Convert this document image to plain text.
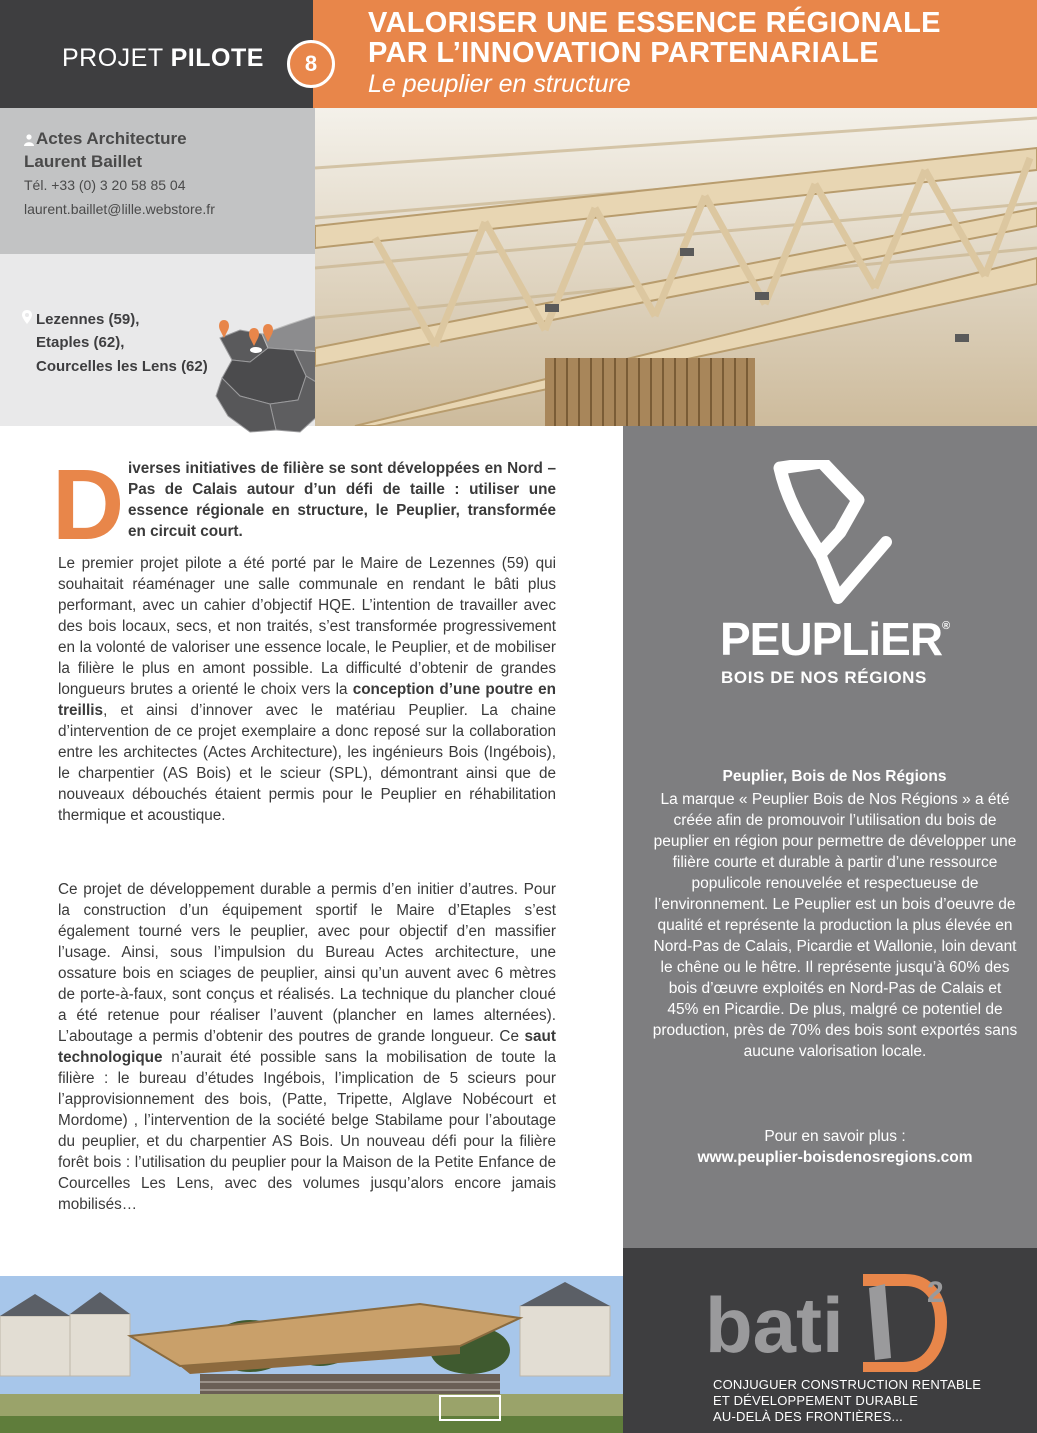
PROJET PILOTE	8
VALORISER UNE ESSENCE RÉGIONALE
PAR L’INNOVATION PARTENARIALE
Le peuplier en structure
Actes Architecture
Laurent Baillet
Tél. +33 (0) 3 20 58 85 04
laurent.baillet@lille.webstore.fr
Lezennes (59),
Etaples (62),
Courcelles les Lens (62)
D iverses initiatives de filière se sont développées en Nord –Pas de Calais autour d’un défi de taille : utiliser une essence régionale en structure, le Peuplier, transformée en circuit court.

Le premier projet pilote a été porté par le Maire de Lezennes (59) qui souhaitait réaménager une salle communale en rendant le bâti plus performant, avec un cahier d’objectif HQE. L’intention de travailler avec des bois locaux, secs, et non traités, s’est transformée progressivement en la volonté de valoriser une essence locale, le Peuplier, et de mobiliser la filière le plus en amont possible. La difficulté d’obtenir de grandes longueurs brutes a orienté le choix vers la conception d’une poutre en treillis, et ainsi d’innover avec le matériau Peuplier. La chaine d’intervention de ce projet exemplaire a donc reposé sur la collaboration entre les architectes (Actes Architecture), les ingénieurs Bois (Ingébois), le charpentier (AS Bois) et le scieur (SPL), démontrant ainsi que de nouveaux débouchés étaient permis pour le Peuplier en réhabilitation thermique et acoustique.

Ce projet de développement durable a permis d’en initier d’autres. Pour la construction d’un équipement sportif le Maire d’Etaples s’est également tourné vers le peuplier, avec pour objectif d’en massifier l’usage. Ainsi, sous l’impulsion du Bureau Actes architecture, une ossature bois en sciages de peuplier, ainsi qu’un auvent avec 6 mètres de porte-à-faux, sont conçus et réalisés. La technique du plancher cloué a été retenue pour réaliser l’auvent (plancher en lames alternées). L’aboutage a permis d’obtenir des poutres de grande longueur. Ce saut technologique n’aurait été possible sans la mobilisation de toute la filière : le bureau d’études Ingébois, l’implication de 5 scieurs pour l’approvisionnement des bois, (Patte, Tripette, Alglave Nobécourt et Mordome) , l’intervention de la société belge Stabilame pour l’aboutage du peuplier, et du charpentier AS Bois. Un nouveau défi pour la filière forêt bois : l’utilisation du peuplier pour la Maison de la Petite Enfance de Courcelles Les Lens, avec des volumes jusqu’alors encore jamais mobilisés…

PEUPLiER®
BOIS DE NOS RÉGIONS
Peuplier, Bois de Nos Régions
La marque « Peuplier Bois de Nos Régions » a été créée afin de promouvoir l’utilisation du bois de peuplier en région pour permettre de développer une filière courte et durable à partir d’une ressource populicole renouvelée et respectueuse de l’environnement. Le Peuplier est un bois d’oeuvre de qualité et représente la production la plus élevée en Nord-Pas de Calais, Picardie et Wallonie, loin devant le chêne ou le hêtre. Il représente jusqu’à 60% des bois d’œuvre exploités en Nord-Pas de Calais et 45% en Picardie. De plus, malgré ce potentiel de production, près de 70% des bois sont exportés sans aucune valorisation locale.
Pour en savoir plus :
www.peuplier-boisdenosregions.com
bati	2
CONJUGUER CONSTRUCTION RENTABLE
ET DÉVELOPPEMENT DURABLE
AU-DELÀ DES FRONTIÈRES...
